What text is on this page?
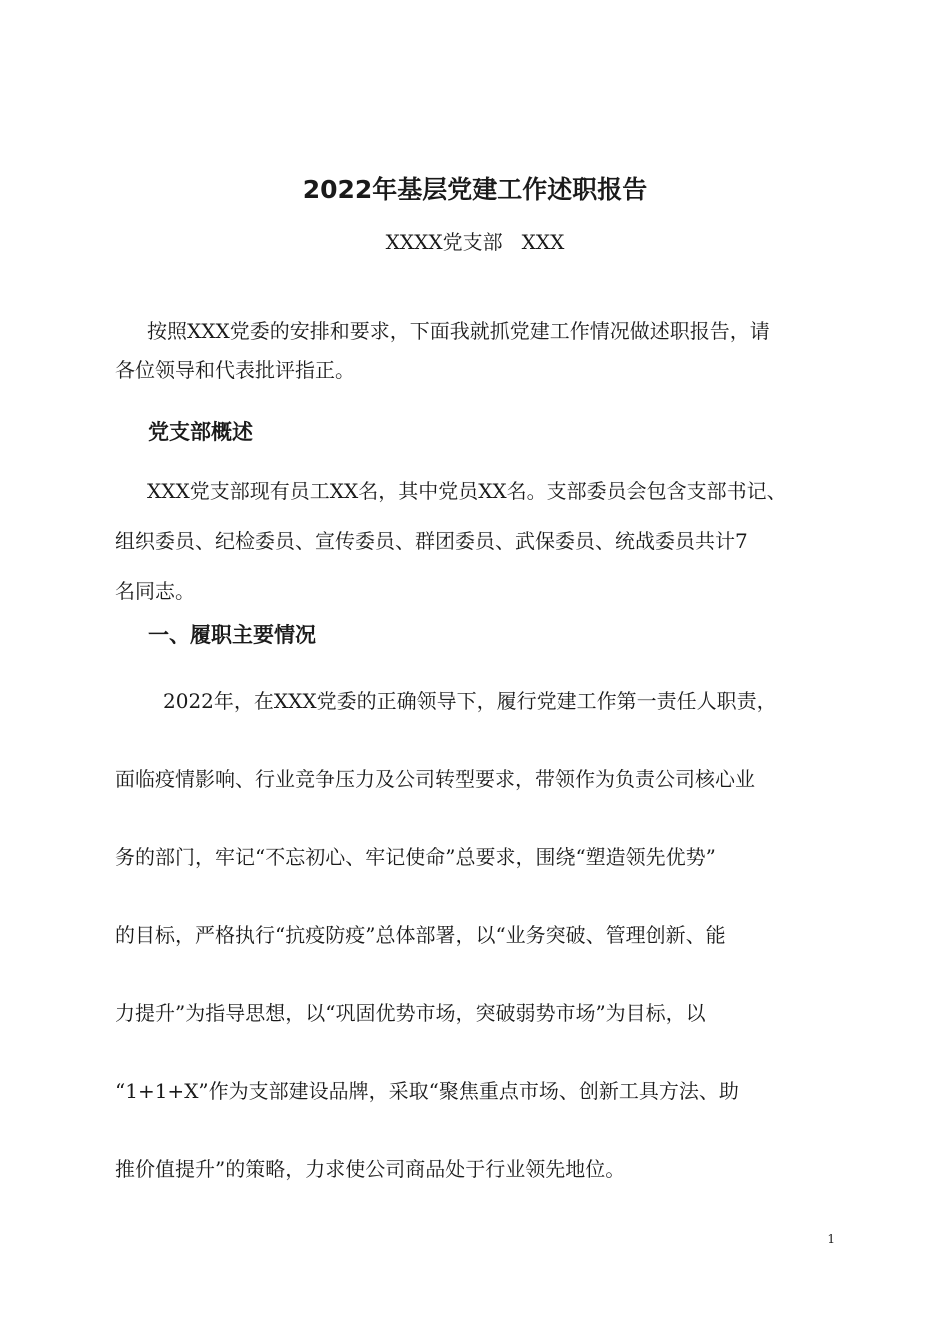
2022年基层党建工作述职报告
XXXX党支部   XXX
按照XXX党委的安排和要求，下面我就抓党建工作情况做述职报告，请
各位领导和代表批评指正。
党支部概述
XXX党支部现有员工XX名，其中党员XX名。支部委员会包含支部书记、
组织委员、纪检委员、宣传委员、群团委员、武保委员、统战委员共计7
名同志。
一、履职主要情况
2022年，在XXX党委的正确领导下，履行党建工作第一责任人职责，
面临疫情影响、行业竞争压力及公司转型要求，带领作为负责公司核心业
务的部门，牢记“不忘初心、牢记使命”总要求，围绕“塑造领先优势”
的目标，严格执行“抗疫防疫”总体部署，以“业务突破、管理创新、能
力提升”为指导思想，以“巩固优势市场，突破弱势市场”为目标，以
“1+1+X”作为支部建设品牌，采取“聚焦重点市场、创新工具方法、助
推价值提升”的策略，力求使公司商品处于行业领先地位。
1
